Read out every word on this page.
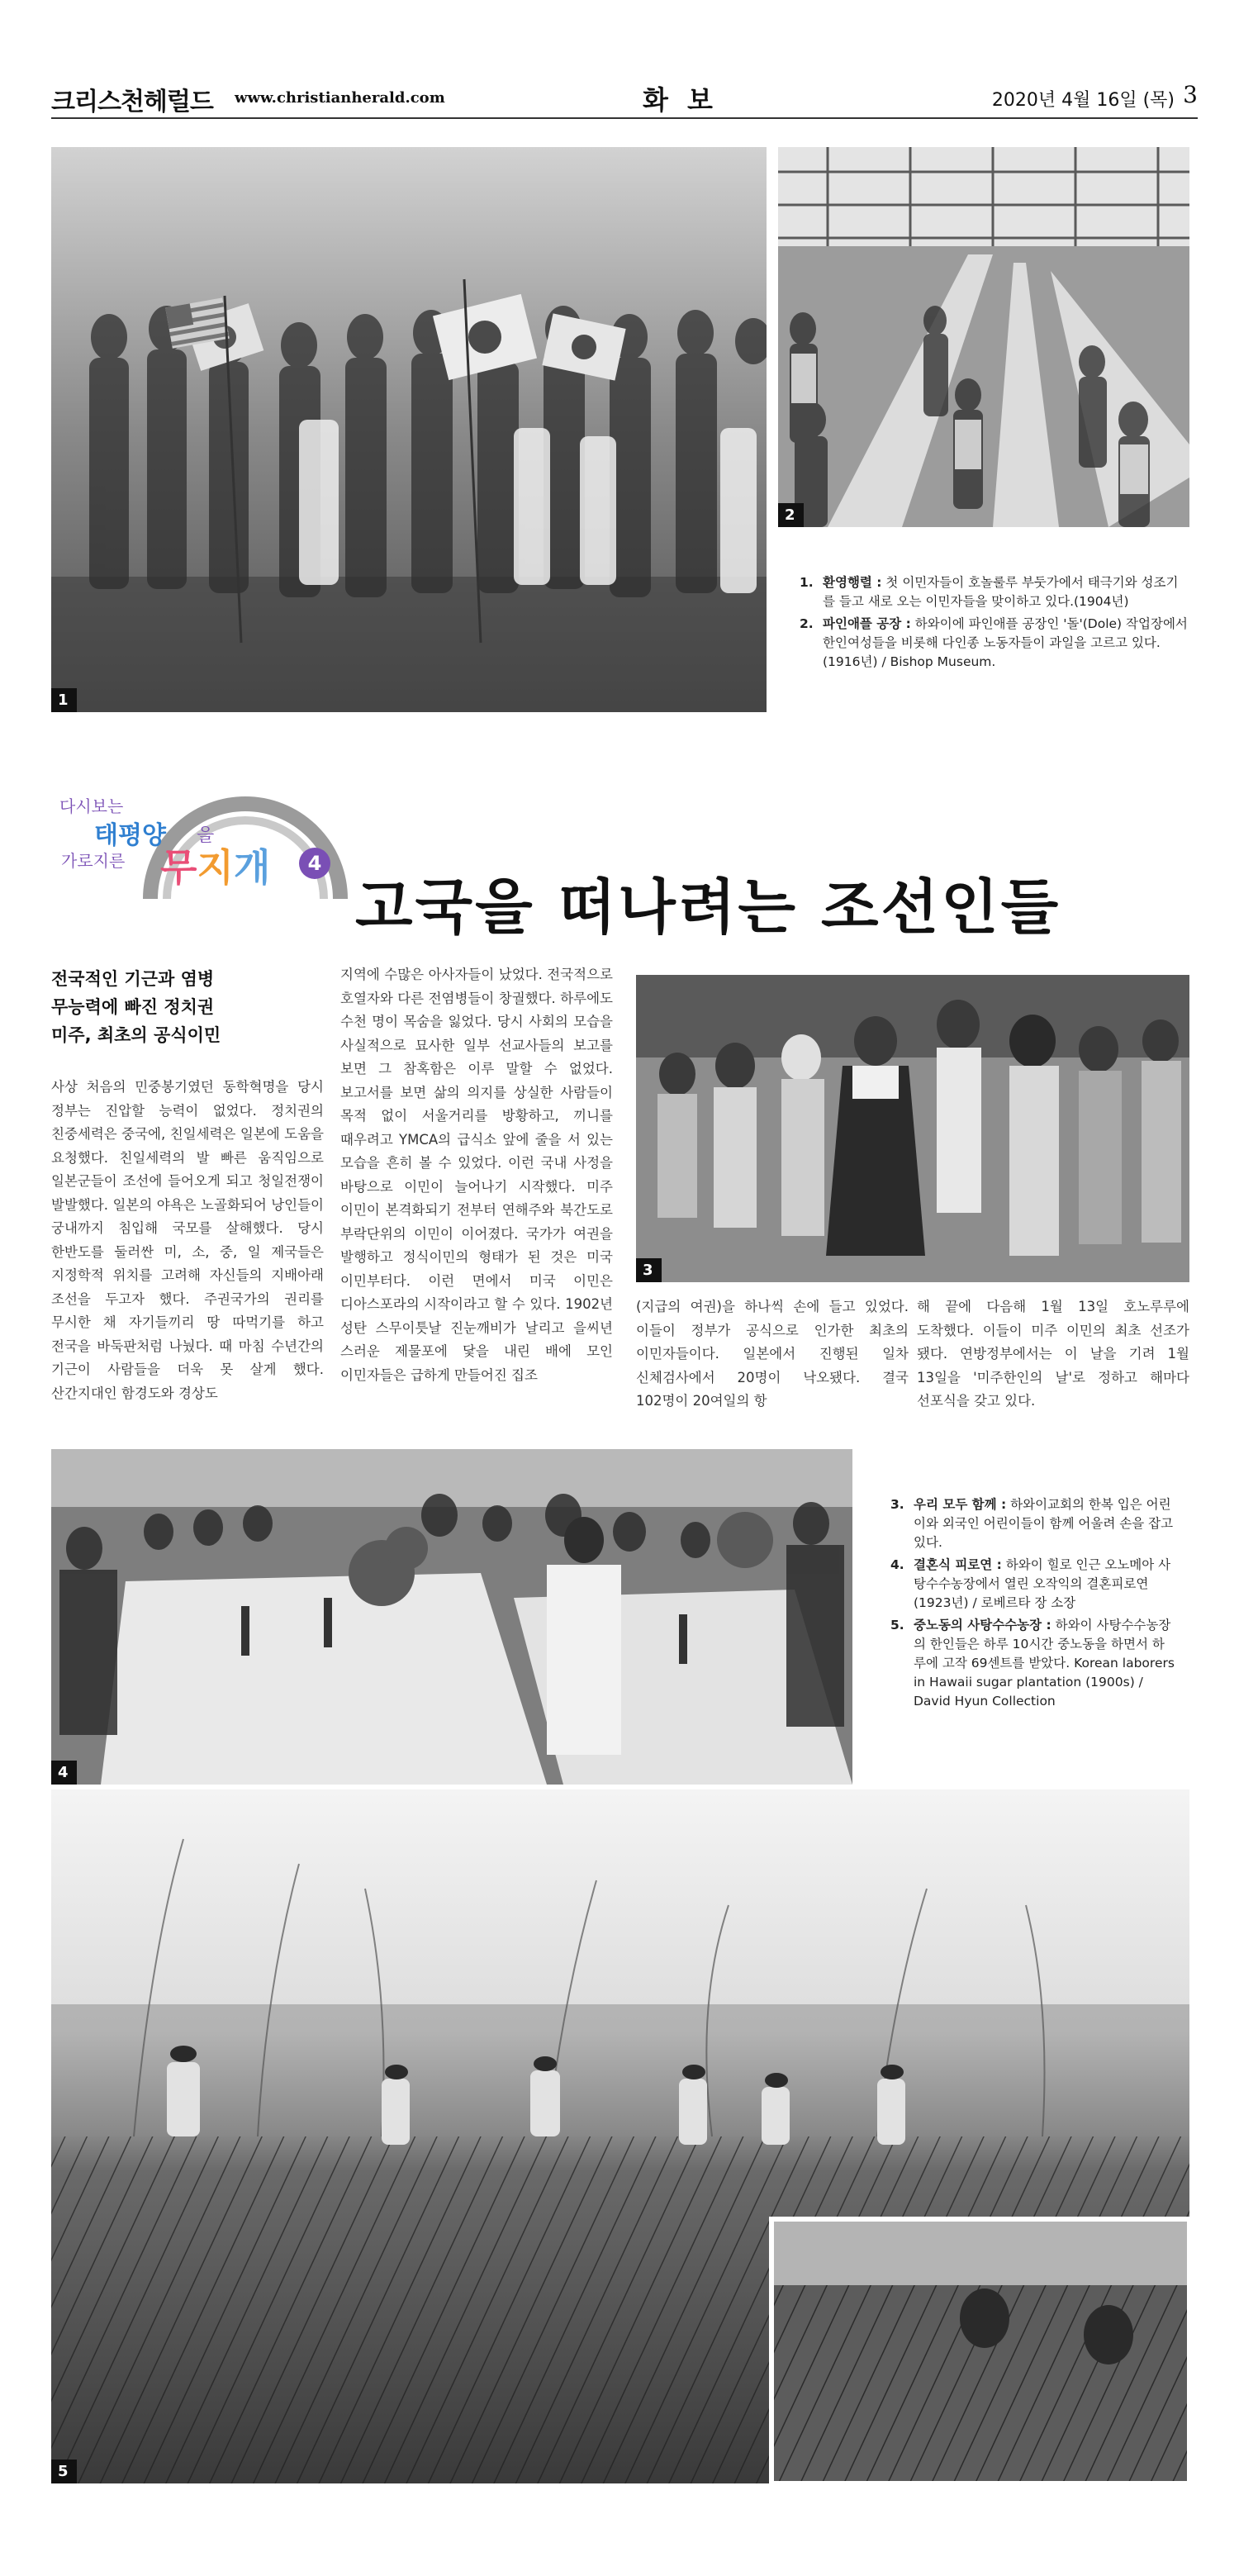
크리스천헤럴드 www.christianherald.com	화 보	2020년 4월 16일 (목) 3
1
2
1. 환영행렬 : 첫 이민자들이 호놀룰루 부둣가에서 태극기와 성조기를 들고 새로 오는 이민자들을 맞이하고 있다.(1904년)
2. 파인애플 공장 : 하와이에 파인애플 공장인 '돌'(Dole) 작업장에서 한인여성들을 비롯해 다인종 노동자들이 과일을 고르고 있다. (1916년) / Bishop Museum.
다시보는
태평양 을
가로지른 무지개	4
고국을 떠나려는 조선인들
전국적인 기근과 염병
무능력에 빠진 정치권
미주, 최초의 공식이민
사상 처음의 민중봉기였던 동학혁명을 당시 정부는 진압할 능력이 없었다. 정치권의 친중세력은 중국에, 친일세력은 일본에 도움을 요청했다. 친일세력의 발 빠른 움직임으로 일본군들이 조선에 들어오게 되고 청일전쟁이 발발했다. 일본의 야욕은 노골화되어 낭인들이 궁내까지 침입해 국모를 살해했다. 당시 한반도를 둘러싼 미, 소, 중, 일 제국들은 지정학적 위치를 고려해 자신들의 지배아래 조선을 두고자 했다. 주권국가의 권리를 무시한 채 자기들끼리 땅 따먹기를 하고 전국을 바둑판처럼 나눴다. 때 마침 수년간의 기근이 사람들을 더욱 못 살게 했다. 산간지대인 함경도와 경상도
지역에 수많은 아사자들이 났었다. 전국적으로 호열자와 다른 전염병들이 창궐했다. 하루에도 수천 명이 목숨을 잃었다. 당시 사회의 모습을 사실적으로 묘사한 일부 선교사들의 보고를 보면 그 참혹함은 이루 말할 수 없었다. 보고서를 보면 삶의 의지를 상실한 사람들이 목적 없이 서울거리를 방황하고, 끼니를 때우려고 YMCA의 급식소 앞에 줄을 서 있는 모습을 흔히 볼 수 있었다. 이런 국내 사정을 바탕으로 이민이 늘어나기 시작했다. 미주 이민이 본격화되기 전부터 연해주와 북간도로 부락단위의 이민이 이어졌다. 국가가 여권을 발행하고 정식이민의 형태가 된 것은 미국 이민부터다. 이런 면에서 미국 이민은 디아스포라의 시작이라고 할 수 있다. 1902년 성탄 스무이틋날 진눈깨비가 날리고 을씨년 스러운 제물포에 닻을 내린 배에 모인 이민자들은 급하게 만들어진 집조
3
(지급의 여권)을 하나씩 손에 들고 있었다. 이들이 정부가 공식으로 인가한 최초의 이민자들이다. 일본에서 진행된 일차 신체검사에서 20명이 낙오됐다. 결국 102명이 20여일의 항
해 끝에 다음해 1월 13일 호노루루에 도착했다. 이들이 미주 이민의 최초 선조가 됐다. 연방정부에서는 이 날을 기려 1월 13일을 '미주한인의 날'로 정하고 해마다 선포식을 갖고 있다.
4
3. 우리 모두 함께 : 하와이교회의 한복 입은 어린이와 외국인 어린이들이 함께 어울려 손을 잡고 있다.
4. 결혼식 피로연 : 하와이 힐로 인근 오노메아 사탕수수농장에서 열린 오작익의 결혼피로연 (1923년) / 로베르타 장 소장
5. 중노동의 사탕수수농장 : 하와이 사탕수수농장의 한인들은 하루 10시간 중노동을 하면서 하루에 고작 69센트를 받았다. Korean laborers in Hawaii sugar plantation (1900s) / David Hyun Collection
5
